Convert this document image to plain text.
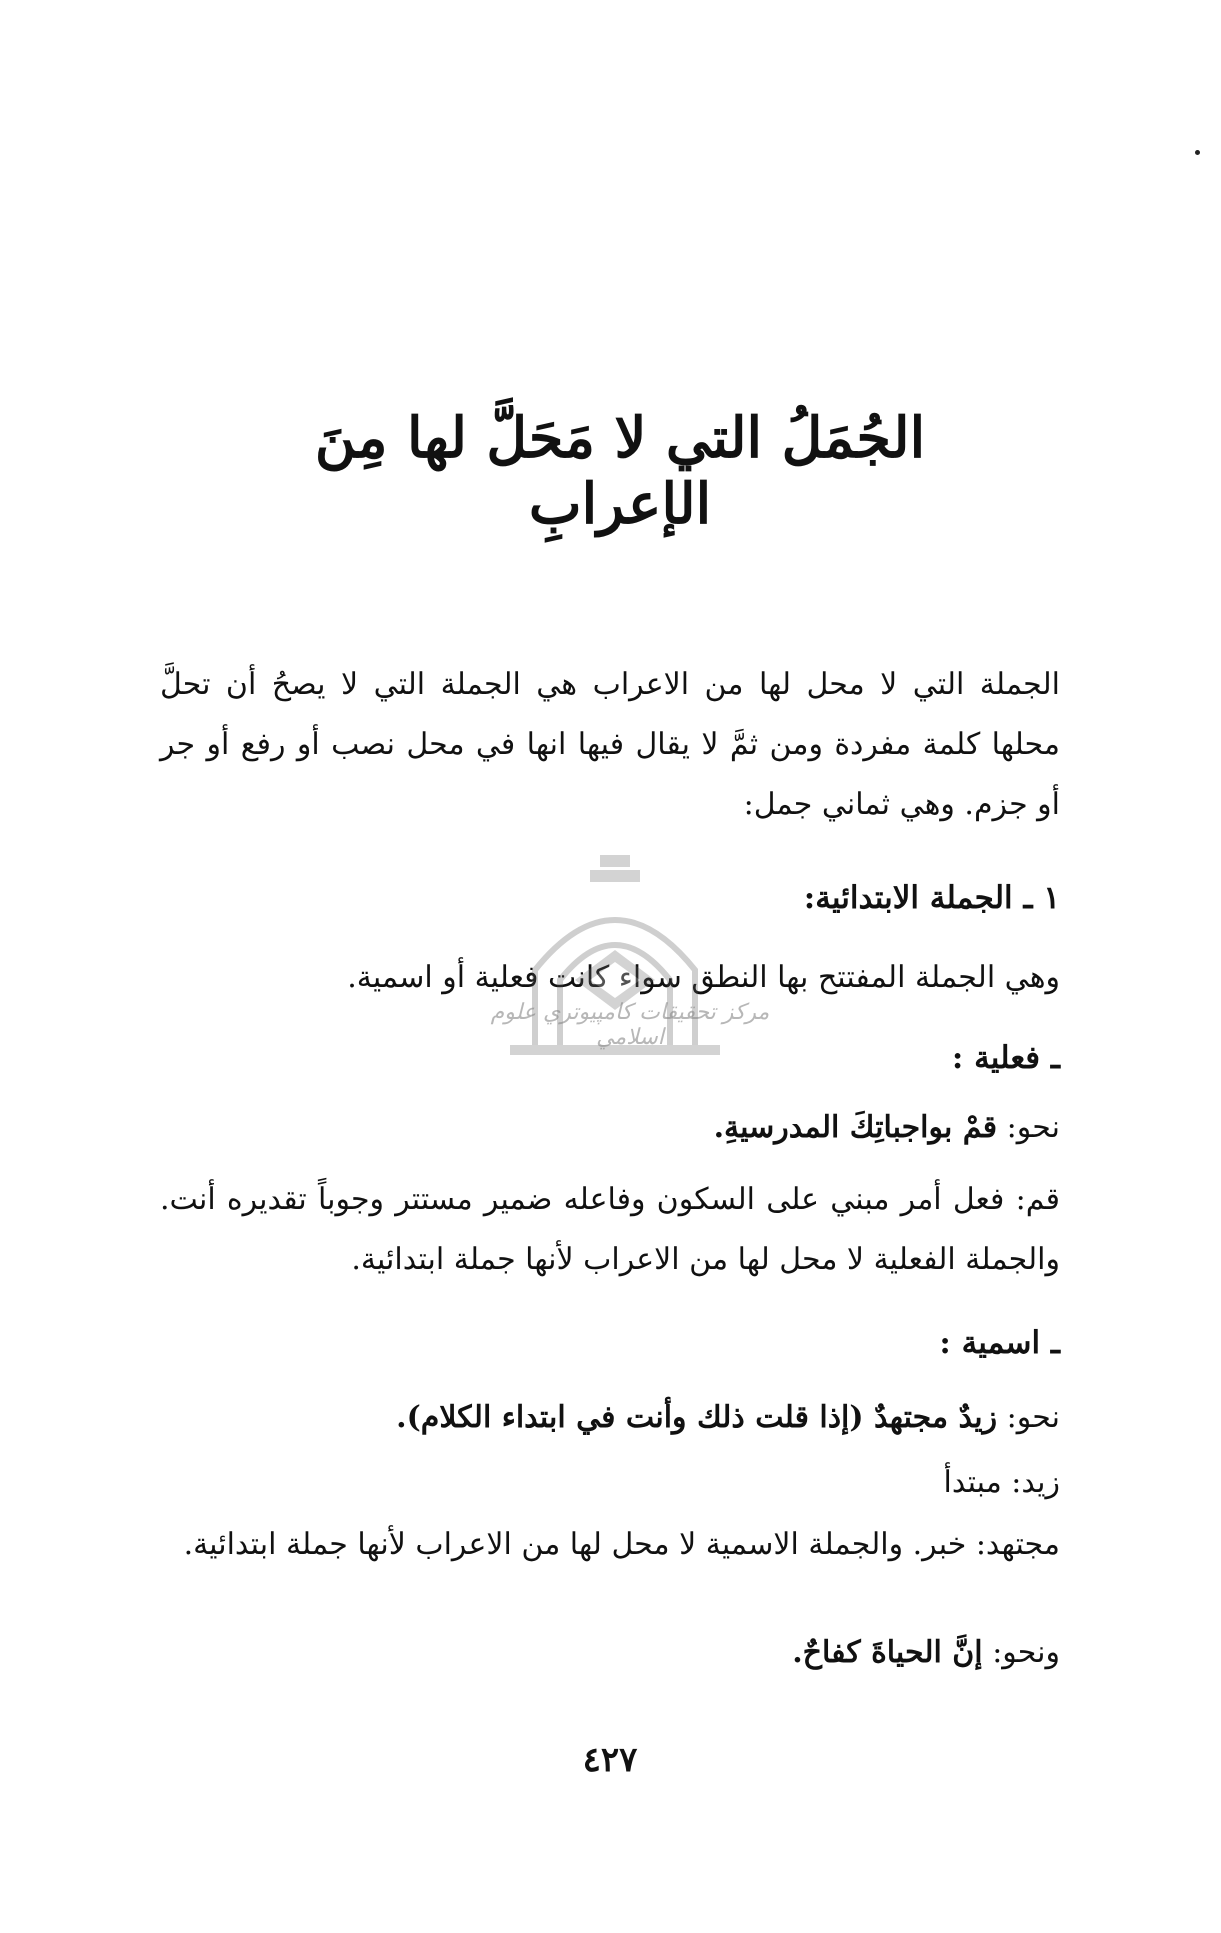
الجُمَلُ التي لا مَحَلَّ لها مِنَ الإعرابِ
الجملة التي لا محل لها من الاعراب هي الجملة التي لا يصحُ أن تحلَّ محلها كلمة مفردة ومن ثمَّ لا يقال فيها انها في محل نصب أو رفع أو جر أو جزم. وهي ثماني جمل:
١ ـ الجملة الابتدائية:
وهي الجملة المفتتح بها النطق سواء كانت فعلية أو اسمية.
ـ فعلية :
نحو: قمْ بواجباتِكَ المدرسيةِ.
قم: فعل أمر مبني على السكون وفاعله ضمير مستتر وجوباً تقديره أنت. والجملة الفعلية لا محل لها من الاعراب لأنها جملة ابتدائية.
ـ اسمية :
نحو: زيدٌ مجتهدٌ (إذا قلت ذلك وأنت في ابتداء الكلام).
زيد: مبتدأ
مجتهد: خبر. والجملة الاسمية لا محل لها من الاعراب لأنها جملة ابتدائية.
ونحو: إنَّ الحياةَ كفاحٌ.
٤٢٧
مركز تحقيقات كامپيوتري علوم اسلامي
